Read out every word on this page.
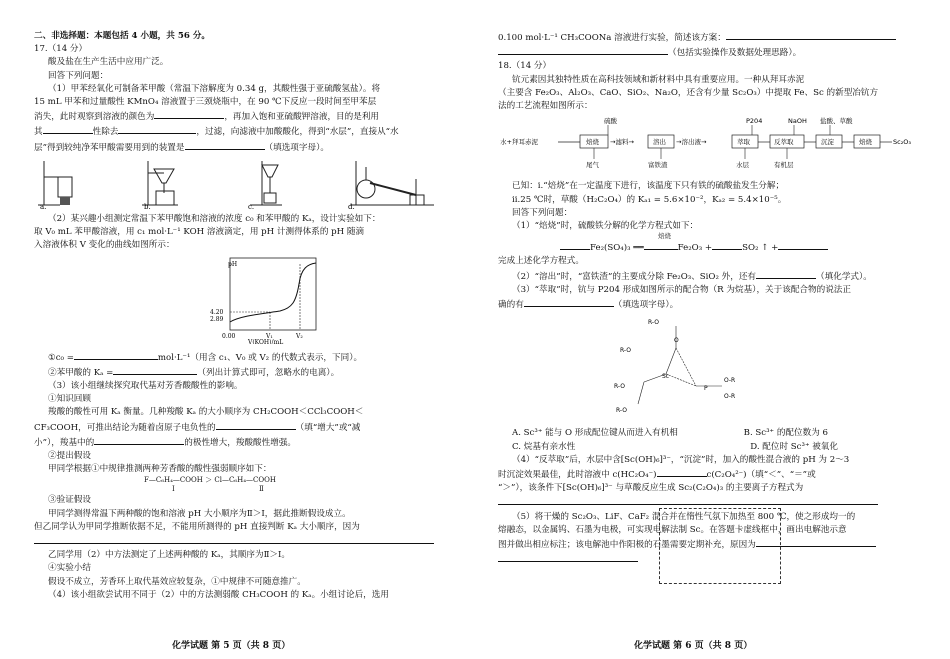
二、非选择题：本题包括 4 小题，共 56 分。

17.（14 分）

酸及盐在生产生活中应用广泛。

回答下列问题：

（1）甲苯经氧化可制备苯甲酸（常温下溶解度为 0.34 g，其酸性强于亚硫酸氢盐）。将

15 mL 甲苯和过量酸性 KMnO₄ 溶液置于三颈烧瓶中，在 90 ℃下反应一段时间至甲苯层

消失，此时观察到溶液的颜色为	，再加入饱和亚硫酸钾溶液，目的是利用

其	性除去	，过滤，向滤液中加酸酸化，得到“水层”，直接从“水

层”得到较纯净苯甲酸需要用到的装置是	（填选项字母）。

a.	b.	c.	d.

（2）某兴趣小组测定常温下苯甲酸饱和溶液的浓度 c₀ 和苯甲酸的 Kₐ，设计实验如下：

取 V₀ mL 苯甲酸溶液，用 c₁ mol·L⁻¹ KOH 溶液滴定，用 pH 计测得体系的 pH 随滴

入溶液体积 V 变化的曲线如图所示：

pH
4.20
2.89
0.00	V₁	V₂
V(KOH)/mL

①c₀ =	mol·L⁻¹（用含 c₁、V₀ 或 V₂ 的代数式表示，下同）。

②苯甲酸的 Kₐ =	（列出计算式即可，忽略水的电离）。

（3）该小组继续探究取代基对芳香酸酸性的影响。

①知识回顾

羧酸的酸性可用 Kₐ 衡量。几种羧酸 Kₐ 的大小顺序为 CH₂COOH＜CCl₃COOH＜

CF₃COOH，可推出结论为随着卤原子电负性的	（填“增大”或“减

小”），羧基中的	的极性增大，羧酸酸性增强。

②提出假设

甲同学根据①中规律推测两种芳香酸的酸性强弱顺序如下：

F—C₆H₄—COOH ＞ Cl—C₆H₄—COOH
Ⅰ	Ⅱ

③验证假设

甲同学测得常温下两种酸的饱和溶液 pH 大小顺序为Ⅱ＞Ⅰ，据此推断假设成立。

但乙同学认为甲同学推断依据不足，不能用所测得的 pH 直接判断 Kₐ 大小顺序，因为

乙同学用（2）中方法测定了上述两种酸的 Kₐ，其顺序为Ⅱ＞Ⅰ。

④实验小结

假设不成立，芳香环上取代基效应较复杂，①中规律不可随意推广。

（4）该小组欲尝试用不同于（2）中的方法测弱酸 CH₃COOH 的 Kₐ。小组讨论后，选用

化学试题 第 5 页（共 8 页）

0.100 mol·L⁻¹ CH₃COONa 溶液进行实验，简述该方案：

（包括实验操作及数据处理思路）。

18.（14 分）

钪元素因其独特性质在高科技领域和新材料中具有重要应用。一种从拜耳赤泥

（主要含 Fe₂O₃、Al₂O₃、CaO、SiO₂、Na₂O，还含有少量 Sc₂O₃）中提取 Fe、Sc 的新型冶钪方

法的工艺流程如图所示：

硫酸	P204	NaOH 盐酸、草酸
水+拜耳赤泥	焙烧 →滤料→	溶出 →溶出液→	萃取	反萃取	沉淀	焙烧	Sc₂O₃
尾气	富铁渣	水层	有机层

已知：ⅰ.“焙烧”在一定温度下进行，该温度下只有铁的硫酸盐发生分解；

ⅱ.25 ℃时，草酸（H₂C₂O₄）的 Kₐ₁ = 5.6×10⁻²，Kₐ₂ = 5.4×10⁻⁵。

回答下列问题：

（1）“焙烧”时，硫酸铁分解的化学方程式如下：

焙烧

Fe₂(SO₄)₃ ══	Fe₂O₃ +	SO₂ ↑ +

完成上述化学方程式。

（2）“溶出”时，“富铁渣”的主要成分除 Fe₂O₃、SiO₂ 外，还有	（填化学式）。

（3）“萃取”时，钪与 P204 形成如图所示的配合物（R 为烷基），关于该配合物的说法正

确的有	（填选项字母）。

R-O
R-O
Sc
O-R
O-R
R-O
R-O
O
P
A. Sc³⁺ 能与 O 形成配位键从而进入有机相	B. Sc³⁺ 的配位数为 6
C. 烷基有亲水性	D. 配位时 Sc³⁺ 被氧化

（4）“反萃取”后，水层中含[Sc(OH)₆]³⁻，“沉淀”时，加入的酸性混合液的 pH 为 2～3

时沉淀效果最佳，此时溶液中 c(HC₂O₄⁻)	c(C₂O₄²⁻)（填“＜”、“＝”或

“＞”），该条件下[Sc(OH)₆]³⁻ 与草酸反应生成 Sc₂(C₂O₄)₃ 的主要离子方程式为

（5）将干燥的 Sc₂O₃、LiF、CaF₂ 混合并在惰性气氛下加热至 800 ℃，使之形成均一的

熔融态，以金属钨、石墨为电极，可实现电解法制 Sc。在答题卡虚线框中，画出电解池示意

图并做出相应标注；该电解池中作阳极的石墨需要定期补充，原因为

化学试题 第 6 页（共 8 页）
